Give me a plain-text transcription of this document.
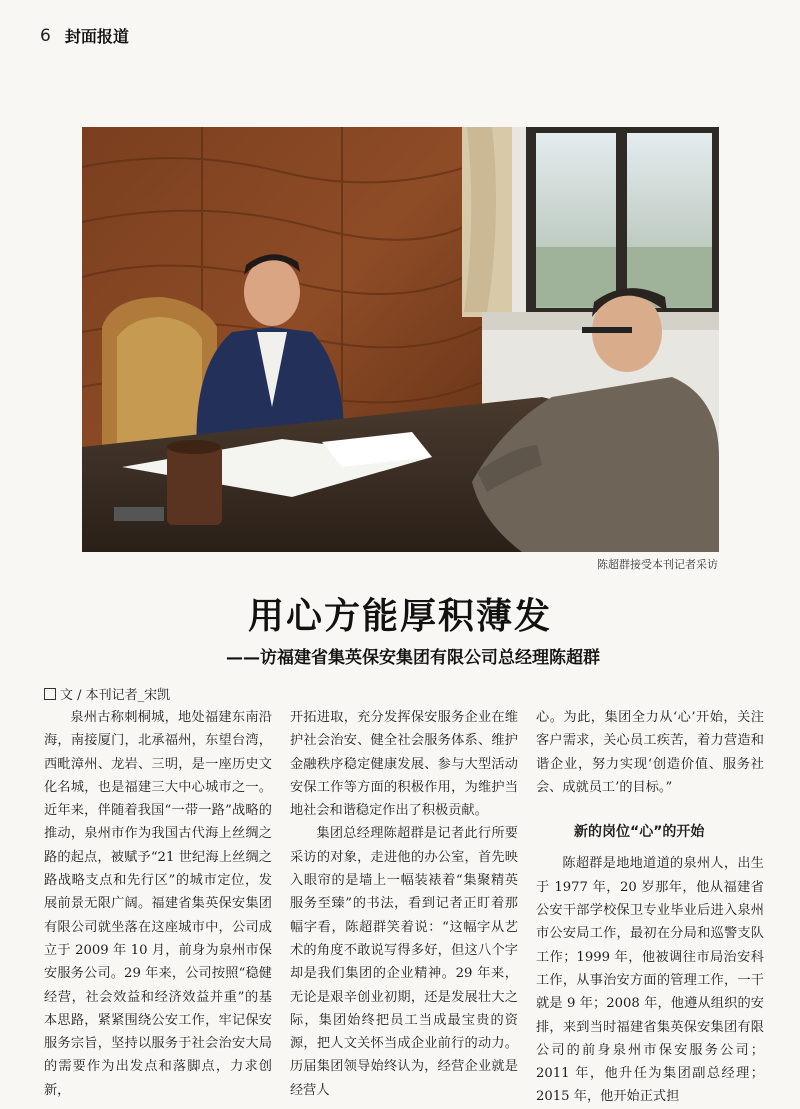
6 封面报道
陈超群接受本刊记者采访
用心方能厚积薄发
——访福建省集英保安集团有限公司总经理陈超群
文 / 本刊记者_宋凯

泉州古称刺桐城，地处福建东南沿海，南接厦门，北承福州，东望台湾，西毗漳州、龙岩、三明，是一座历史文化名城，也是福建三大中心城市之一。近年来，伴随着我国“一带一路”战略的推动，泉州市作为我国古代海上丝绸之路的起点，被赋予“21 世纪海上丝绸之路战略支点和先行区”的城市定位，发展前景无限广阔。福建省集英保安集团有限公司就坐落在这座城市中，公司成立于 2009 年 10 月，前身为泉州市保安服务公司。29 年来，公司按照“稳健经营，社会效益和经济效益并重”的基本思路，紧紧围绕公安工作，牢记保安服务宗旨，坚持以服务于社会治安大局的需要作为出发点和落脚点，力求创新，

开拓进取，充分发挥保安服务企业在维护社会治安、健全社会服务体系、维护金融秩序稳定健康发展、参与大型活动安保工作等方面的积极作用，为维护当地社会和谐稳定作出了积极贡献。

集团总经理陈超群是记者此行所要采访的对象，走进他的办公室，首先映入眼帘的是墙上一幅装裱着“集聚精英服务至臻”的书法，看到记者正盯着那幅字看，陈超群笑着说：“这幅字从艺术的角度不敢说写得多好，但这八个字却是我们集团的企业精神。29 年来，无论是艰辛创业初期，还是发展壮大之际，集团始终把员工当成最宝贵的资源，把人文关怀当成企业前行的动力。历届集团领导始终认为，经营企业就是经营人

心。为此，集团全力从‘心’开始，关注客户需求，关心员工疾苦，着力营造和谐企业，努力实现‘创造价值、服务社会、成就员工’的目标。”

新的岗位“心”的开始

陈超群是地地道道的泉州人，出生于 1977 年，20 岁那年，他从福建省公安干部学校保卫专业毕业后进入泉州市公安局工作，最初在分局和巡警支队工作；1999 年，他被调往市局治安科工作，从事治安方面的管理工作，一干就是 9 年；2008 年，他遵从组织的安排，来到当时福建省集英保安集团有限公司的前身泉州市保安服务公司；2011 年，他升任为集团副总经理；2015 年，他开始正式担
